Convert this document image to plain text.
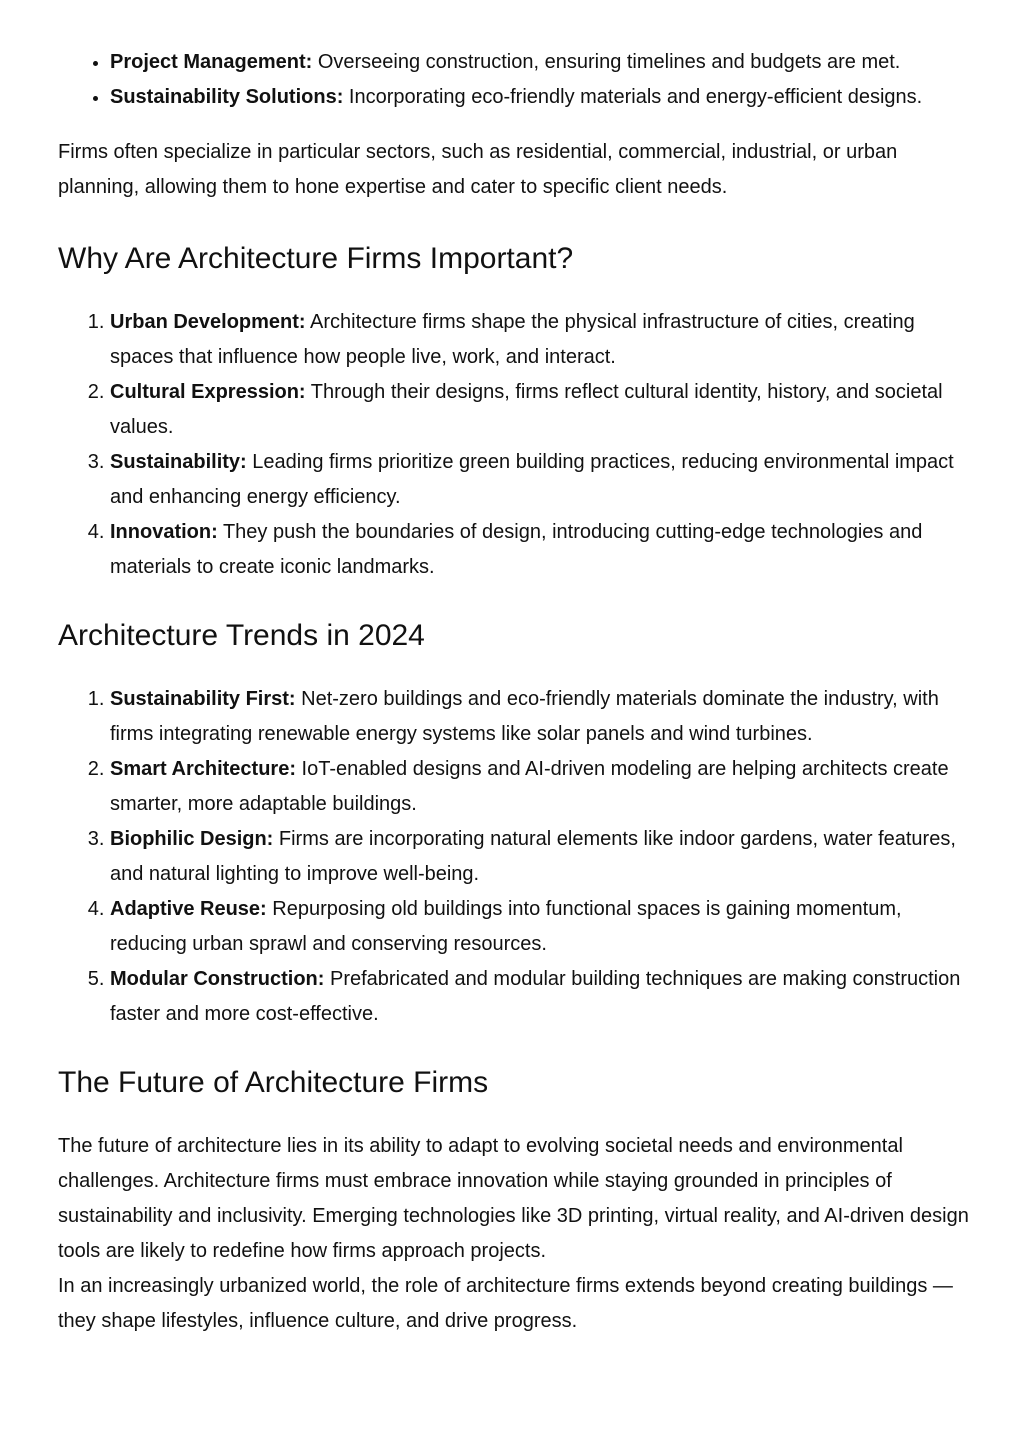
• Project Management: Overseeing construction, ensuring timelines and budgets are met.
• Sustainability Solutions: Incorporating eco-friendly materials and energy-efficient designs.

Firms often specialize in particular sectors, such as residential, commercial, industrial, or urban planning, allowing them to hone expertise and cater to specific client needs.

Why Are Architecture Firms Important?
1. Urban Development: Architecture firms shape the physical infrastructure of cities, creating spaces that influence how people live, work, and interact.
2. Cultural Expression: Through their designs, firms reflect cultural identity, history, and societal values.
3. Sustainability: Leading firms prioritize green building practices, reducing environmental impact and enhancing energy efficiency.
4. Innovation: They push the boundaries of design, introducing cutting-edge technologies and materials to create iconic landmarks.
Architecture Trends in 2024
1. Sustainability First: Net-zero buildings and eco-friendly materials dominate the industry, with firms integrating renewable energy systems like solar panels and wind turbines.
2. Smart Architecture: IoT-enabled designs and AI-driven modeling are helping architects create smarter, more adaptable buildings.
3. Biophilic Design: Firms are incorporating natural elements like indoor gardens, water features, and natural lighting to improve well-being.
4. Adaptive Reuse: Repurposing old buildings into functional spaces is gaining momentum, reducing urban sprawl and conserving resources.
5. Modular Construction: Prefabricated and modular building techniques are making construction faster and more cost-effective.
The Future of Architecture Firms

The future of architecture lies in its ability to adapt to evolving societal needs and environmental challenges. Architecture firms must embrace innovation while staying grounded in principles of sustainability and inclusivity. Emerging technologies like 3D printing, virtual reality, and AI-driven design tools are likely to redefine how firms approach projects.

In an increasingly urbanized world, the role of architecture firms extends beyond creating buildings — they shape lifestyles, influence culture, and drive progress.
